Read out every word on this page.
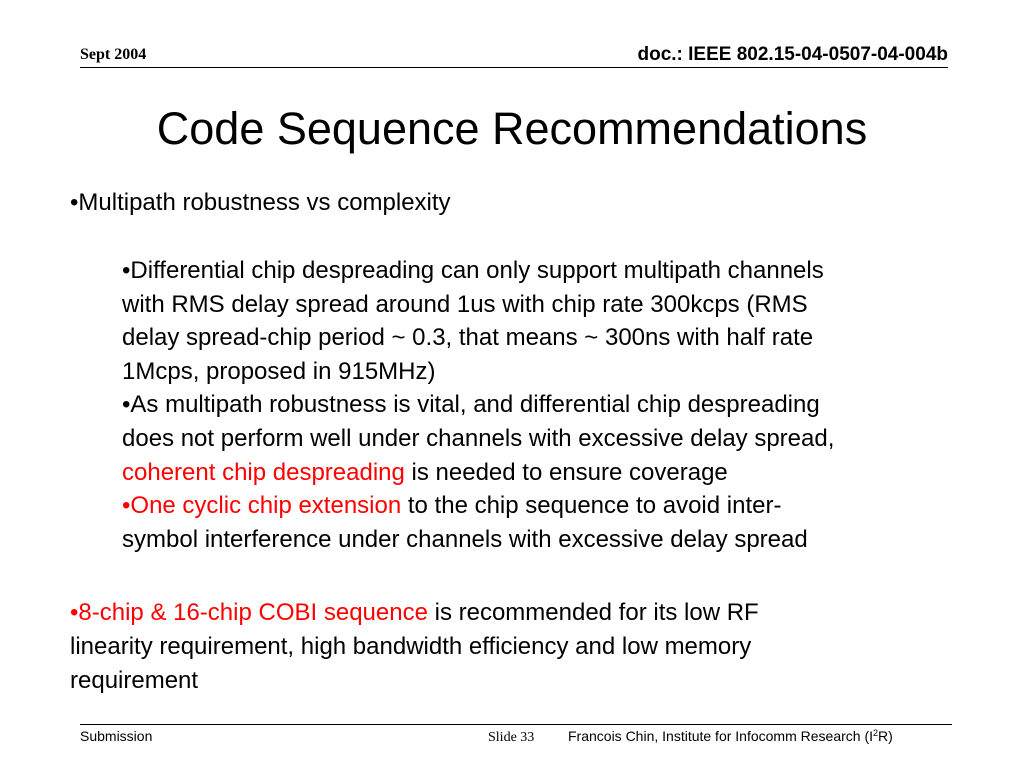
Sept 2004	doc.: IEEE 802.15-04-0507-04-004b
Code Sequence Recommendations
•Multipath robustness vs complexity
•Differential chip despreading can only support multipath channels
with RMS delay spread around 1us with chip rate 300kcps (RMS
delay spread-chip period ~ 0.3, that means ~ 300ns with half rate
1Mcps, proposed in 915MHz)
•As multipath robustness is vital, and differential chip despreading
does not perform well under channels with excessive delay spread,
coherent chip despreading is needed to ensure coverage
•One cyclic chip extension to the chip sequence to avoid inter-
symbol interference under channels with excessive delay spread
•8-chip & 16-chip COBI sequence is recommended for its low RF
linearity requirement, high bandwidth efficiency and low memory
requirement
Submission	Slide 33 Francois Chin, Institute for Infocomm Research $(I^2R)$
